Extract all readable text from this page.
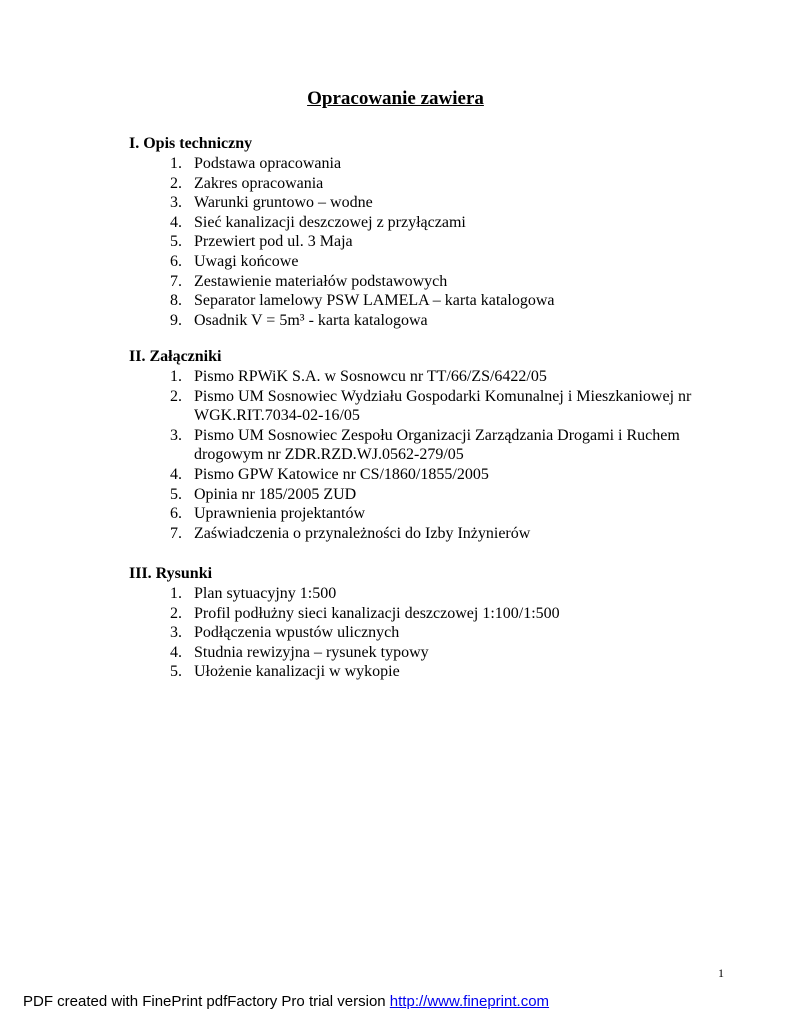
Opracowanie zawiera

I. Opis techniczny

1. Podstawa opracowania
2. Zakres opracowania
3. Warunki gruntowo – wodne
4. Sieć kanalizacji deszczowej z przyłączami
5. Przewiert pod ul. 3 Maja
6. Uwagi końcowe
7. Zestawienie materiałów podstawowych
8. Separator lamelowy PSW LAMELA – karta katalogowa
9. Osadnik V = 5m³ - karta katalogowa

II. Załączniki

1. Pismo RPWiK S.A. w Sosnowcu nr TT/66/ZS/6422/05
2. Pismo UM Sosnowiec Wydziału Gospodarki Komunalnej i Mieszkaniowej nr WGK.RIT.7034-02-16/05
3. Pismo UM Sosnowiec Zespołu Organizacji Zarządzania Drogami i Ruchem drogowym nr ZDR.RZD.WJ.0562-279/05
4. Pismo GPW Katowice nr CS/1860/1855/2005
5. Opinia nr 185/2005 ZUD
6. Uprawnienia projektantów
7. Zaświadczenia o przynależności do Izby Inżynierów

III. Rysunki

1. Plan sytuacyjny 1:500
2. Profil podłużny sieci kanalizacji deszczowej 1:100/1:500
3. Podłączenia wpustów ulicznych
4. Studnia rewizyjna – rysunek typowy
5. Ułożenie kanalizacji w wykopie
1
PDF created with FinePrint pdfFactory Pro trial version http://www.fineprint.com
